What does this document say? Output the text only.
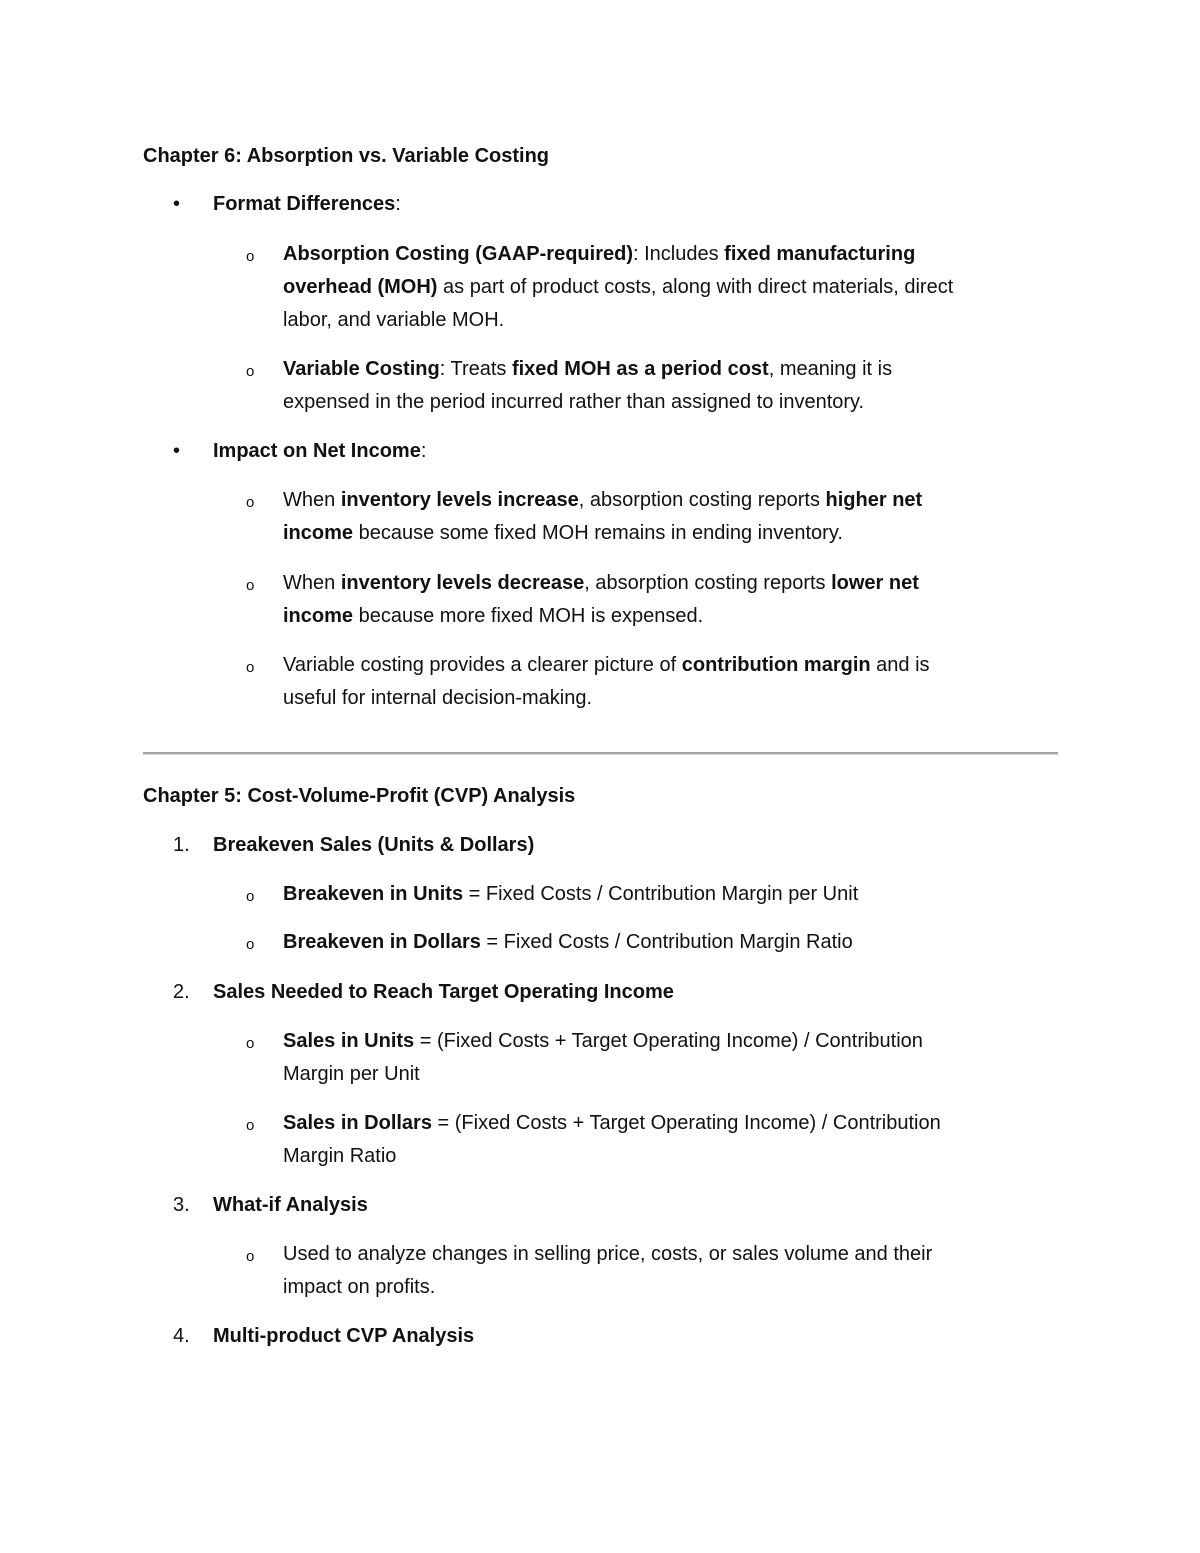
Chapter 6: Absorption vs. Variable Costing
• Format Differences:
o Absorption Costing (GAAP-required): Includes fixed manufacturing
overhead (MOH) as part of product costs, along with direct materials, direct
labor, and variable MOH.
o Variable Costing: Treats fixed MOH as a period cost, meaning it is
expensed in the period incurred rather than assigned to inventory.
• Impact on Net Income:
o When inventory levels increase, absorption costing reports higher net
income because some fixed MOH remains in ending inventory.
o When inventory levels decrease, absorption costing reports lower net
income because more fixed MOH is expensed.
o Variable costing provides a clearer picture of contribution margin and is
useful for internal decision-making.
Chapter 5: Cost-Volume-Profit (CVP) Analysis
1. Breakeven Sales (Units & Dollars)
o Breakeven in Units = Fixed Costs / Contribution Margin per Unit
o Breakeven in Dollars = Fixed Costs / Contribution Margin Ratio
2. Sales Needed to Reach Target Operating Income
o Sales in Units = (Fixed Costs + Target Operating Income) / Contribution
Margin per Unit
o Sales in Dollars = (Fixed Costs + Target Operating Income) / Contribution
Margin Ratio
3. What-if Analysis
o Used to analyze changes in selling price, costs, or sales volume and their
impact on profits.
4. Multi-product CVP Analysis
